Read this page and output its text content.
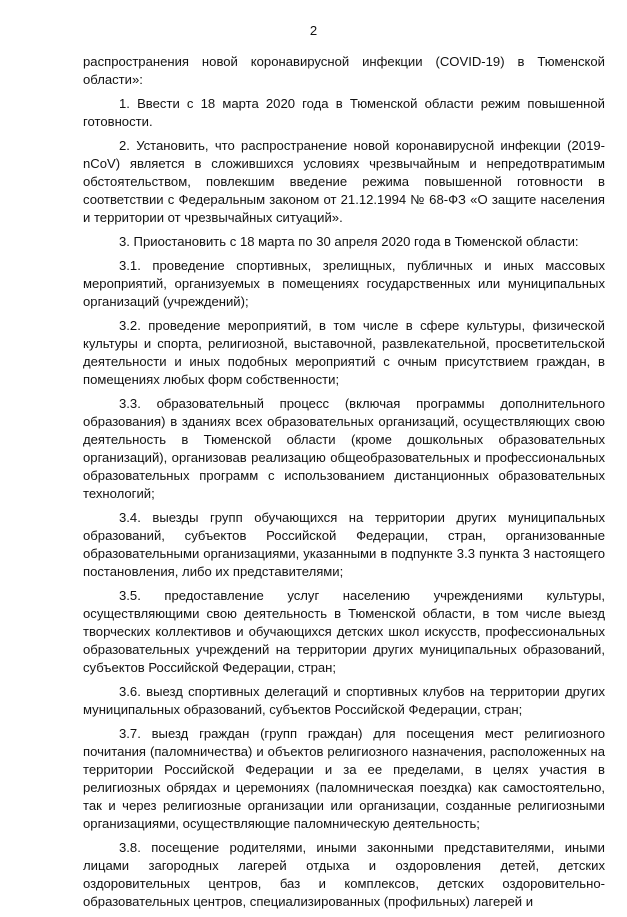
2

распространения новой коронавирусной инфекции (COVID-19) в Тюменской области»:

1. Ввести с 18 марта 2020 года в Тюменской области режим повышенной готовности.

2. Установить, что распространение новой коронавирусной инфекции (2019-nCoV) является в сложившихся условиях чрезвычайным и непредотвратимым обстоятельством, повлекшим введение режима повышенной готовности в соответствии с Федеральным законом от 21.12.1994 № 68-ФЗ «О защите населения и территории от чрезвычайных ситуаций».

3. Приостановить с 18 марта по 30 апреля 2020 года в Тюменской области:

3.1. проведение спортивных, зрелищных, публичных и иных массовых мероприятий, организуемых в помещениях государственных или муниципальных организаций (учреждений);

3.2. проведение мероприятий, в том числе в сфере культуры, физической культуры и спорта, религиозной, выставочной, развлекательной, просветительской деятельности и иных подобных мероприятий с очным присутствием граждан, в помещениях любых форм собственности;

3.3. образовательный процесс (включая программы дополнительного образования) в зданиях всех образовательных организаций, осуществляющих свою деятельность в Тюменской области (кроме дошкольных образовательных организаций), организовав реализацию общеобразовательных и профессиональных образовательных программ с использованием дистанционных образовательных технологий;

3.4. выезды групп обучающихся на территории других муниципальных образований, субъектов Российской Федерации, стран, организованные образовательными организациями, указанными в подпункте 3.3 пункта 3 настоящего постановления, либо их представителями;

3.5. предоставление услуг населению учреждениями культуры, осуществляющими свою деятельность в Тюменской области, в том числе выезд творческих коллективов и обучающихся детских школ искусств, профессиональных образовательных учреждений на территории других муниципальных образований, субъектов Российской Федерации, стран;

3.6. выезд спортивных делегаций и спортивных клубов на территории других муниципальных образований, субъектов Российской Федерации, стран;

3.7. выезд граждан (групп граждан) для посещения мест религиозного почитания (паломничества) и объектов религиозного назначения, расположенных на территории Российской Федерации и за ее пределами, в целях участия в религиозных обрядах и церемониях (паломническая поездка) как самостоятельно, так и через религиозные организации или организации, созданные религиозными организациями, осуществляющие паломническую деятельность;

3.8. посещение родителями, иными законными представителями, иными лицами загородных лагерей отдыха и оздоровления детей, детских оздоровительных центров, баз и комплексов, детских оздоровительно-образовательных центров, специализированных (профильных) лагерей и
